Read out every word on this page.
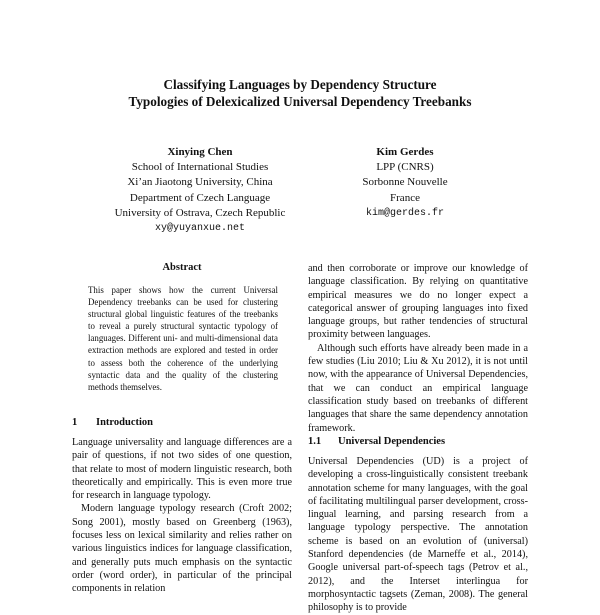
Classifying Languages by Dependency Structure
Typologies of Delexicalized Universal Dependency Treebanks
Xinying Chen
School of International Studies
Xi’an Jiaotong University, China
Department of Czech Language
University of Ostrava, Czech Republic
xy@yuyanxue.net
Kim Gerdes
LPP (CNRS)
Sorbonne Nouvelle
France
kim@gerdes.fr
Abstract
This paper shows how the current Universal Dependency treebanks can be used for clustering structural global linguistic features of the treebanks to reveal a purely structural syntactic typology of languages. Different uni- and multi-dimensional data extraction methods are explored and tested in order to assess both the coherence of the underlying syntactic data and the quality of the clustering methods themselves.
1 Introduction

Language universality and language differences are a pair of questions, if not two sides of one question, that relate to most of modern linguistic research, both theoretically and empirically. This is even more true for research in language typology.

Modern language typology research (Croft 2002; Song 2001), mostly based on Greenberg (1963), focuses less on lexical similarity and relies rather on various linguistics indices for language classification, and generally puts much emphasis on the syntactic order (word order), in particular of the principal components in relation

and then corroborate or improve our knowledge of language classification. By relying on quantitative empirical measures we do no longer expect a categorical answer of grouping languages into fixed language groups, but rather tendencies of structural proximity between languages.

Although such efforts have already been made in a few studies (Liu 2010; Liu & Xu 2012), it is not until now, with the appearance of Universal Dependencies, that we can conduct an empirical language classification study based on treebanks of different languages that share the same dependency annotation framework.

1.1 Universal Dependencies

Universal Dependencies (UD) is a project of developing a cross-linguistically consistent treebank annotation scheme for many languages, with the goal of facilitating multilingual parser development, cross-lingual learning, and parsing research from a language typology perspective. The annotation scheme is based on an evolution of (universal) Stanford dependencies (de Marneffe et al., 2014), Google universal part-of-speech tags (Petrov et al., 2012), and the Interset interlingua for morphosyntactic tagsets (Zeman, 2008). The general philosophy is to provide
